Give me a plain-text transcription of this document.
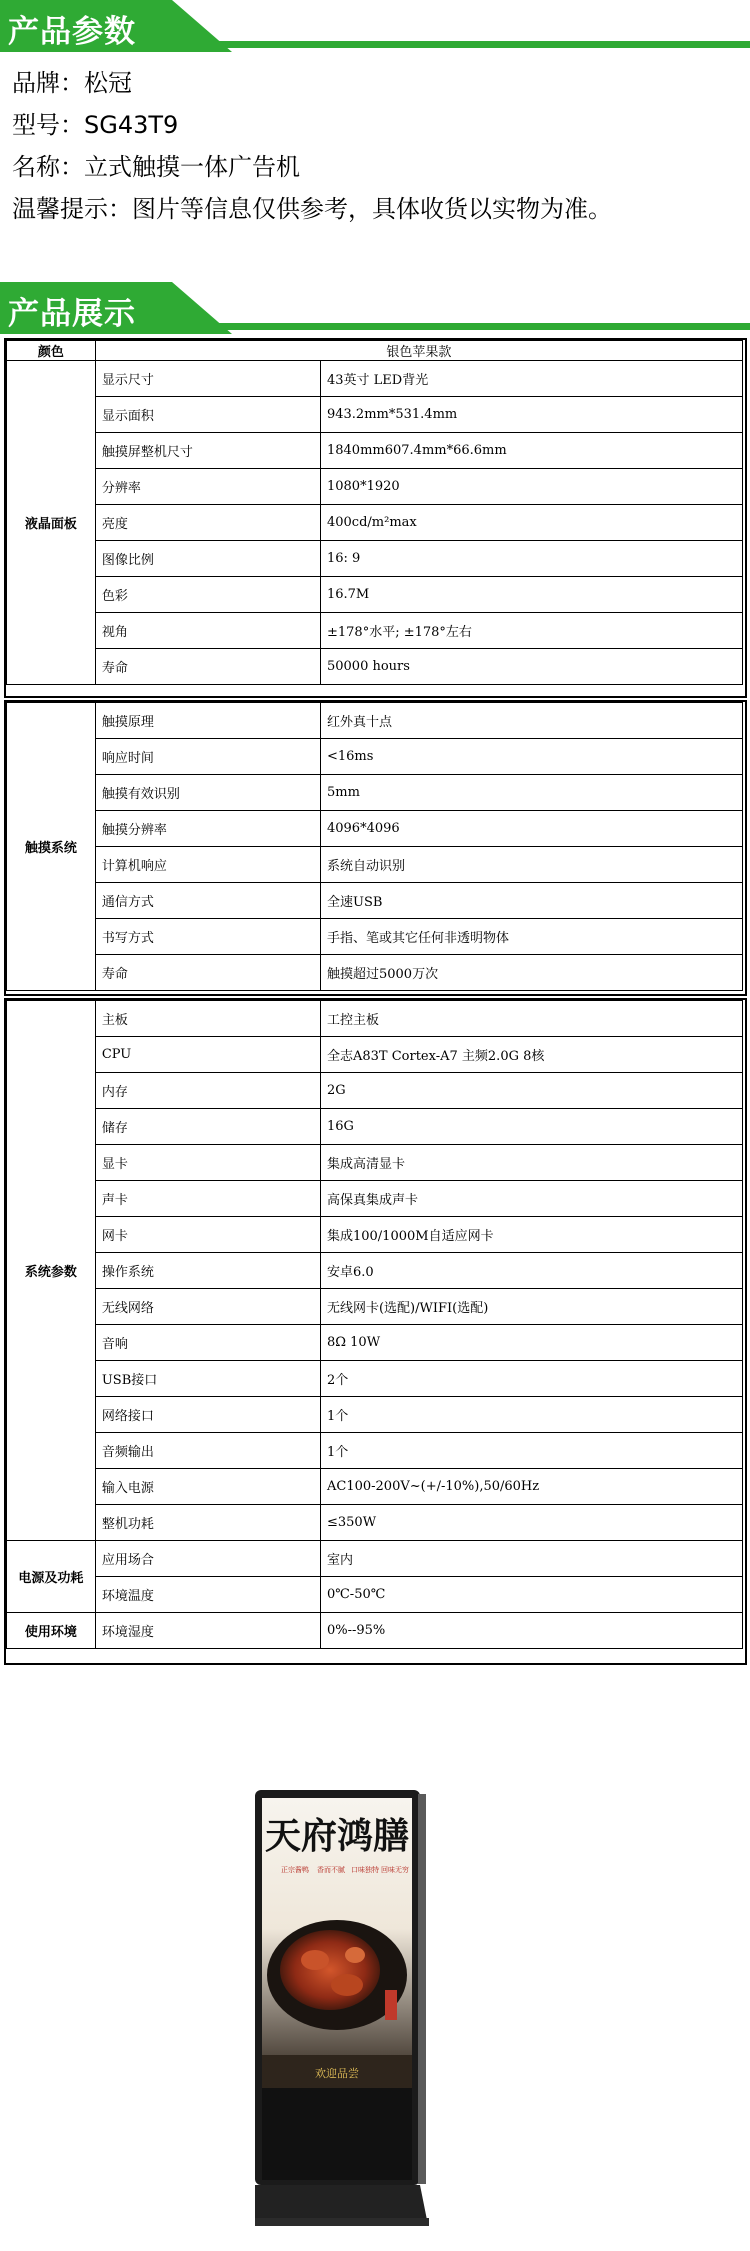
产品参数
品牌：松冠
型号：SG43T9
名称：立式触摸一体广告机
温馨提示：图片等信息仅供参考，具体收货以实物为准。
产品展示
颜色	银色苹果款	
液晶面板	显示尺寸	43英寸 LED背光
	显示面积	943.2mm*531.4mm
	触摸屏整机尺寸	1840mm607.4mm*66.6mm
	分辨率	1080*1920
	亮度	400cd/m²max
	图像比例	16: 9
	色彩	16.7M
	视角	±178°水平; ±178°左右
	寿命	50000 hours
触摸系统	触摸原理	红外真十点
	响应时间	<16ms
	触摸有效识别	5mm
	触摸分辨率	4096*4096
	计算机响应	系统自动识别
	通信方式	全速USB
	书写方式	手指、笔或其它任何非透明物体
	寿命	触摸超过5000万次
系统参数	主板	工控主板
	CPU	全志A83T Cortex-A7 主频2.0G 8核
	内存	2G
	储存	16G
	显卡	集成高清显卡
	声卡	高保真集成声卡
	网卡	集成100/1000M自适应网卡
	操作系统	安卓6.0
	无线网络	无线网卡(选配)/WIFI(选配)
	音响	8Ω 10W
	USB接口	2个
	网络接口	1个
	音频输出	1个
	输入电源	AC100-200V~(+/-10%),50/60Hz
	整机功耗	≤350W
电源及功耗	应用场合	室内
	环境温度	0℃-50℃
使用环境	环境湿度	0%--95%
天府鸿膳
正宗酱鸭 香而不腻 口味独特 回味无穷
欢迎品尝
